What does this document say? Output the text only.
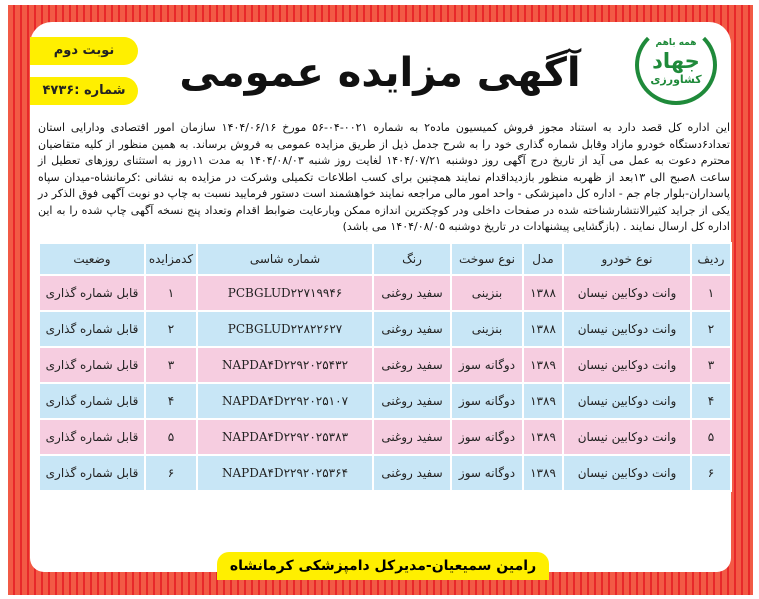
نوبت دوم
شماره :۴۷۳۶	آگهی مزایده عمومی
همه باهم
جهاد
کشاورزی
این اداره کل قصد دارد به استناد مجوز فروش کمیسیون ماده۲ به شماره ۰۰۲۱-۰۴-۵۶ مورخ ۱۴۰۴/۰۶/۱۶ سازمان امور اقتصادی ودارایی استان تعداد۶دستگاه خودرو مازاد وقابل شماره گذاری خود را به شرح جدمل ذیل از طریق مزایده عمومی به فروش برساند. به همین منظور از کلیه متقاضیان محترم دعوت به عمل می آید از تاریخ درج آگهی روز دوشنبه ۱۴۰۴/۰۷/۲۱ لغایت روز شنبه ۱۴۰۴/۰۸/۰۳ به مدت ۱۱روز به استثنای روزهای تعطیل از ساعت ۸صبح الی ۱۳بعد از ظهربه منظور بازدیداقدام نمایند همچنین برای کسب اطلاعات تکمیلی وشرکت در مزایده به نشانی :کرمانشاه-میدان سپاه پاسداران-بلوار جام جم - اداره کل دامپزشکی - واحد امور مالی مراجعه نمایند خواهشمند است دستور فرمایید نسبت به چاپ دو نوبت آگهی فوق الذکر در یکی از جراید کثیرالانتشارشناخته شده در صفحات داخلی ودر کوچکترین اندازه ممکن وبارعایت ضوابط اقدام وتعداد پنج نسخه آگهی چاپ شده را به این اداره کل ارسال نمایند . (بازگشایی پیشنهادات در تاریخ دوشنبه ۱۴۰۴/۰۸/۰۵ می باشد)
ردیف	نوع خودرو	مدل	نوع سوخت	رنگ	شماره شاسی	کدمزایده	وضعیت
۱	وانت دوکابین نیسان	۱۳۸۸	بنزینی	سفید روغنی	PCBGLUD۲۲۷۱۹۹۴۶	۱	قابل شماره گذاری
۲	وانت دوکابین نیسان	۱۳۸۸	بنزینی	سفید روغنی	PCBGLUD۲۲۸۲۲۶۲۷	۲	قابل شماره گذاری
۳	وانت دوکابین نیسان	۱۳۸۹	دوگانه سوز	سفید روغنی	NAPDA۴D۲۲۹۲۰۲۵۴۳۲	۳	قابل شماره گذاری
۴	وانت دوکابین نیسان	۱۳۸۹	دوگانه سوز	سفید روغنی	NAPDA۴D۲۲۹۲۰۲۵۱۰۷	۴	قابل شماره گذاری
۵	وانت دوکابین نیسان	۱۳۸۹	دوگانه سوز	سفید روغنی	NAPDA۴D۲۲۹۲۰۲۵۳۸۳	۵	قابل شماره گذاری
۶	وانت دوکابین نیسان	۱۳۸۹	دوگانه سوز	سفید روغنی	NAPDA۴D۲۲۹۲۰۲۵۳۶۴	۶	قابل شماره گذاری
رامین سمیعیان-مدیرکل دامپزشکی کرمانشاه
